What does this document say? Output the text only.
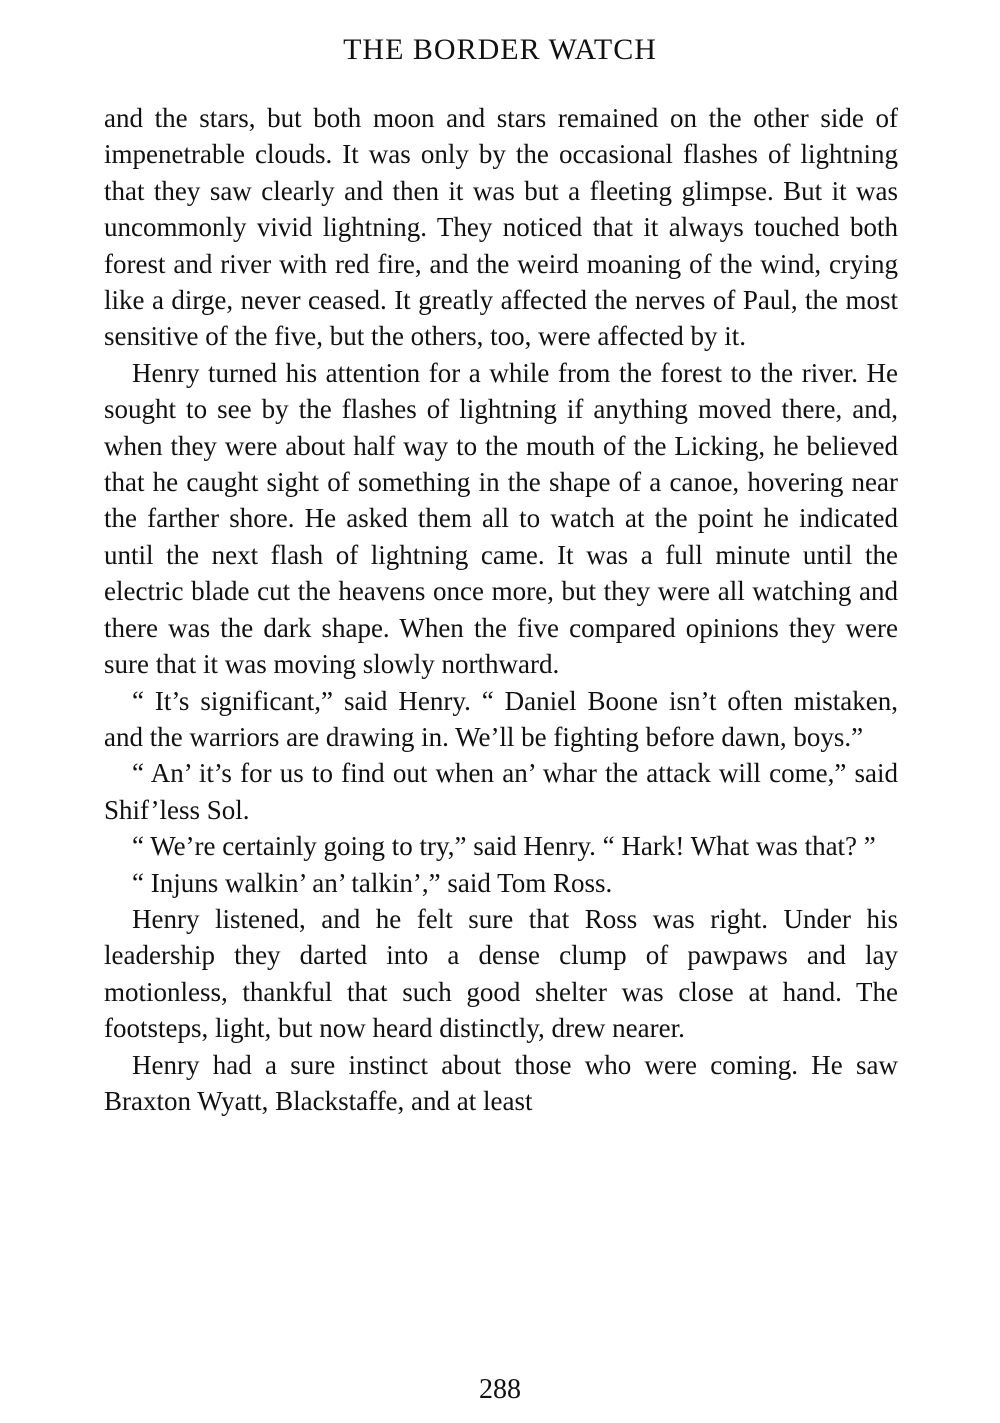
THE BORDER WATCH

and the stars, but both moon and stars remained on the other side of impenetrable clouds. It was only by the occasional flashes of lightning that they saw clearly and then it was but a fleeting glimpse. But it was uncommonly vivid lightning. They noticed that it always touched both forest and river with red fire, and the weird moaning of the wind, crying like a dirge, never ceased. It greatly affected the nerves of Paul, the most sensitive of the five, but the others, too, were affected by it.

Henry turned his attention for a while from the forest to the river. He sought to see by the flashes of lightning if anything moved there, and, when they were about half way to the mouth of the Licking, he believed that he caught sight of something in the shape of a canoe, hovering near the farther shore. He asked them all to watch at the point he indicated until the next flash of lightning came. It was a full minute until the electric blade cut the heavens once more, but they were all watching and there was the dark shape. When the five compared opinions they were sure that it was moving slowly northward.

“ It’s significant,” said Henry. “ Daniel Boone isn’t often mistaken, and the warriors are drawing in. We’ll be fighting before dawn, boys.”

“ An’ it’s for us to find out when an’ whar the attack will come,” said Shif’less Sol.

“ We’re certainly going to try,” said Henry. “ Hark! What was that? ”

“ Injuns walkin’ an’ talkin’,” said Tom Ross.

Henry listened, and he felt sure that Ross was right. Under his leadership they darted into a dense clump of pawpaws and lay motionless, thankful that such good shelter was close at hand. The footsteps, light, but now heard distinctly, drew nearer.

Henry had a sure instinct about those who were coming. He saw Braxton Wyatt, Blackstaffe, and at least

288
